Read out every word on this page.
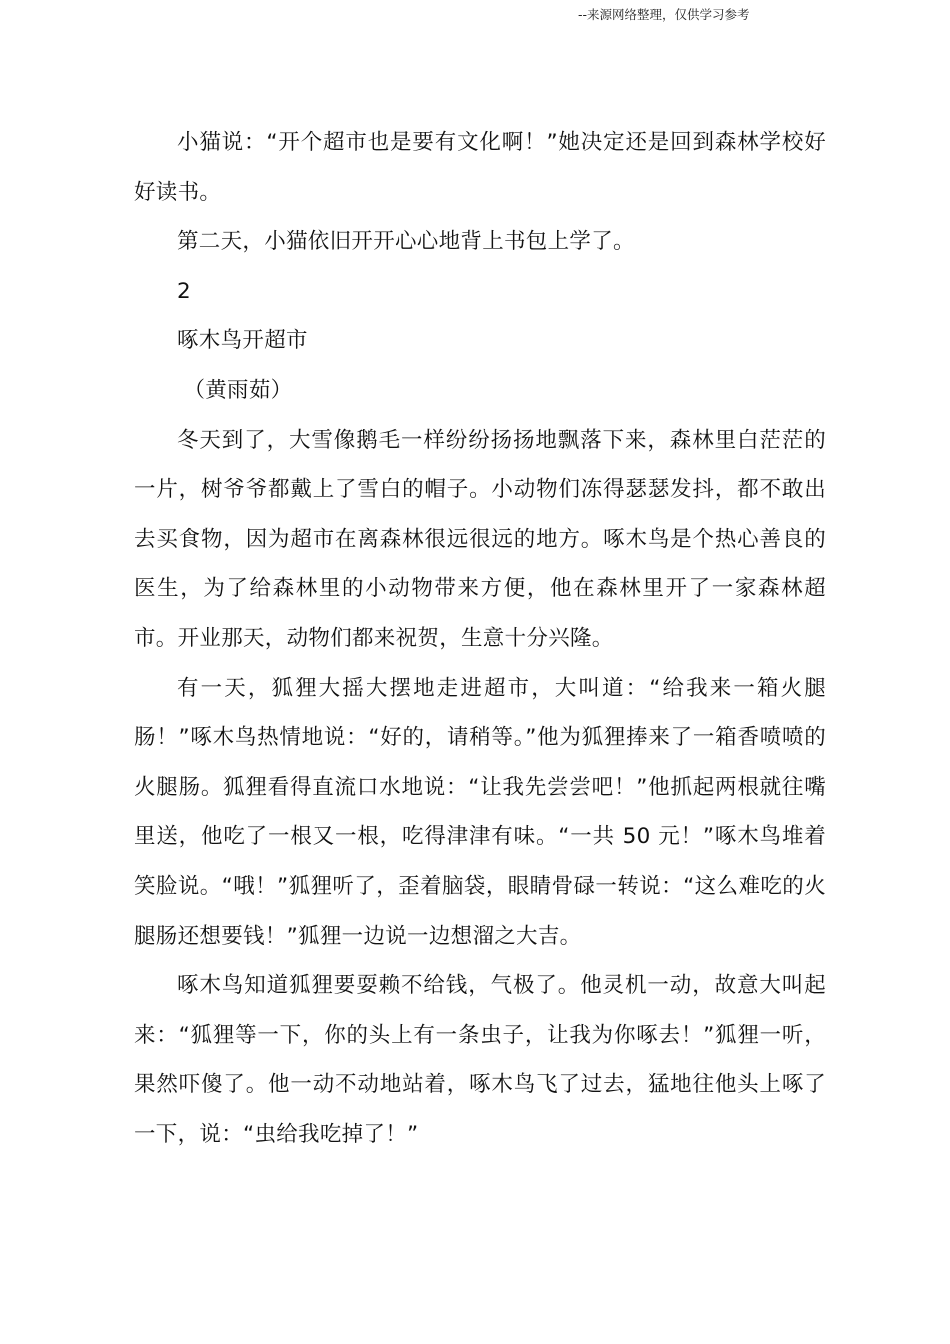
--来源网络整理，仅供学习参考

小猫说：“开个超市也是要有文化啊！”她决定还是回到森林学校好好读书。

第二天，小猫依旧开开心心地背上书包上学了。

2

啄木鸟开超市

（黄雨茹）

冬天到了，大雪像鹅毛一样纷纷扬扬地飘落下来，森林里白茫茫的一片，树爷爷都戴上了雪白的帽子。小动物们冻得瑟瑟发抖，都不敢出去买食物，因为超市在离森林很远很远的地方。啄木鸟是个热心善良的医生，为了给森林里的小动物带来方便，他在森林里开了一家森林超市。开业那天，动物们都来祝贺，生意十分兴隆。

有一天，狐狸大摇大摆地走进超市，大叫道：“给我来一箱火腿肠！”啄木鸟热情地说：“好的，请稍等。”他为狐狸捧来了一箱香喷喷的火腿肠。狐狸看得直流口水地说：“让我先尝尝吧！”他抓起两根就往嘴里送，他吃了一根又一根，吃得津津有味。“一共 50 元！”啄木鸟堆着笑脸说。“哦！”狐狸听了，歪着脑袋，眼睛骨碌一转说：“这么难吃的火腿肠还想要钱！”狐狸一边说一边想溜之大吉。

啄木鸟知道狐狸要耍赖不给钱，气极了。他灵机一动，故意大叫起来：“狐狸等一下，你的头上有一条虫子，让我为你啄去！”狐狸一听，果然吓傻了。他一动不动地站着，啄木鸟飞了过去，猛地往他头上啄了一下，说：“虫给我吃掉了！”
